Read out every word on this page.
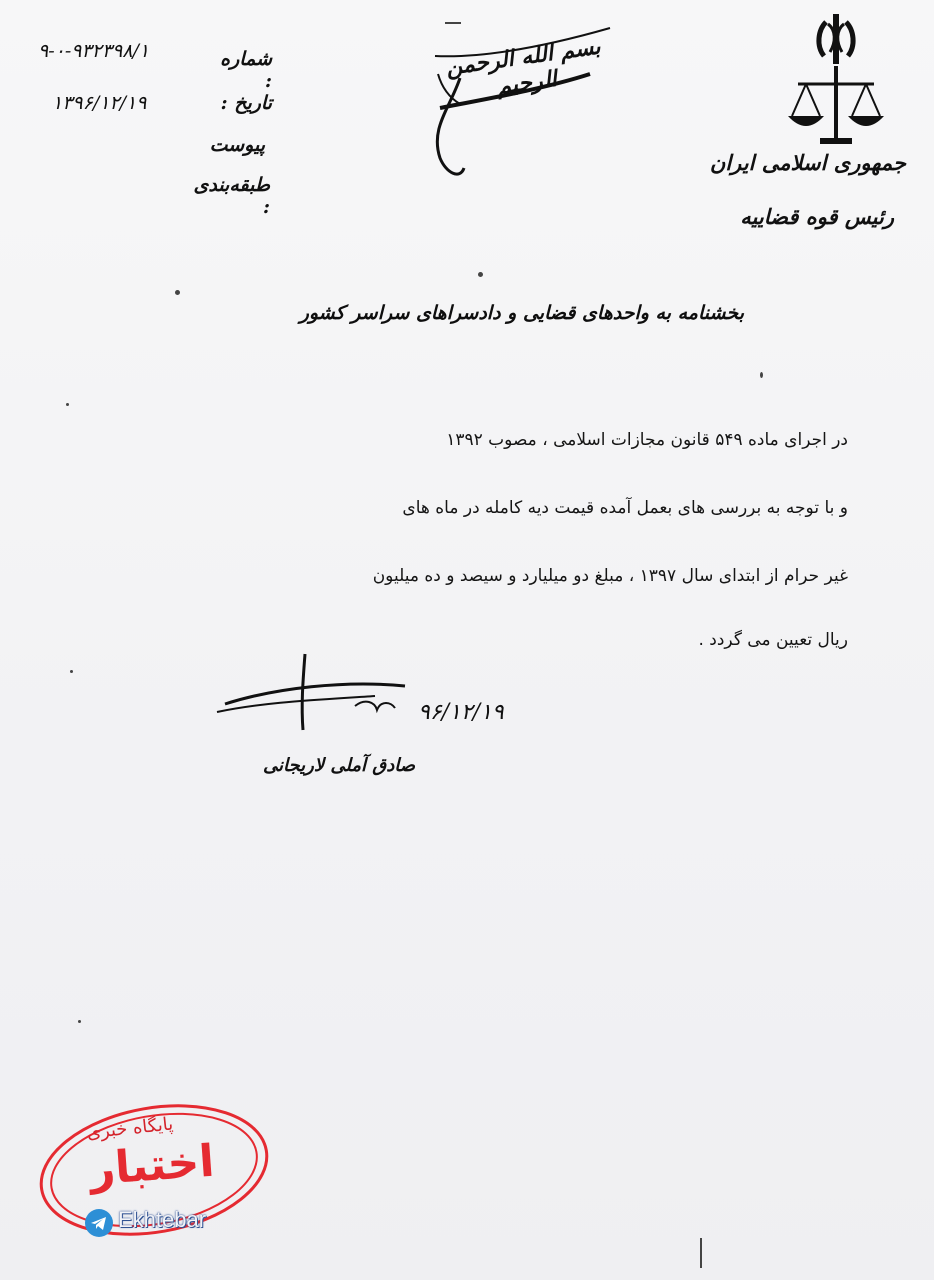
شماره :
۹-۰-۹۳۲۳۹۸/۱
تاریخ :
۱۳۹۶/۱۲/۱۹
پیوست
طبقه‌بندی :
بسم الله الرحمن الرحیم
جمهوری اسلامی ایران
رئیس قوه قضاییه
بخشنامه به واحدهای قضایی و دادسراهای سراسر کشور
در اجرای ماده ۵۴۹ قانون مجازات اسلامی ، مصوب ۱۳۹۲
و با توجه به بررسی های بعمل آمده قیمت دیه کامله در ماه های
غیر حرام از ابتدای سال ۱۳۹۷ ، مبلغ دو میلیارد و سیصد و ده میلیون
ریال تعیین می گردد .
۹۶/۱۲/۱۹
صادق آملی لاریجانی
پایگاه خبری
اختبار
Ekhtebar
